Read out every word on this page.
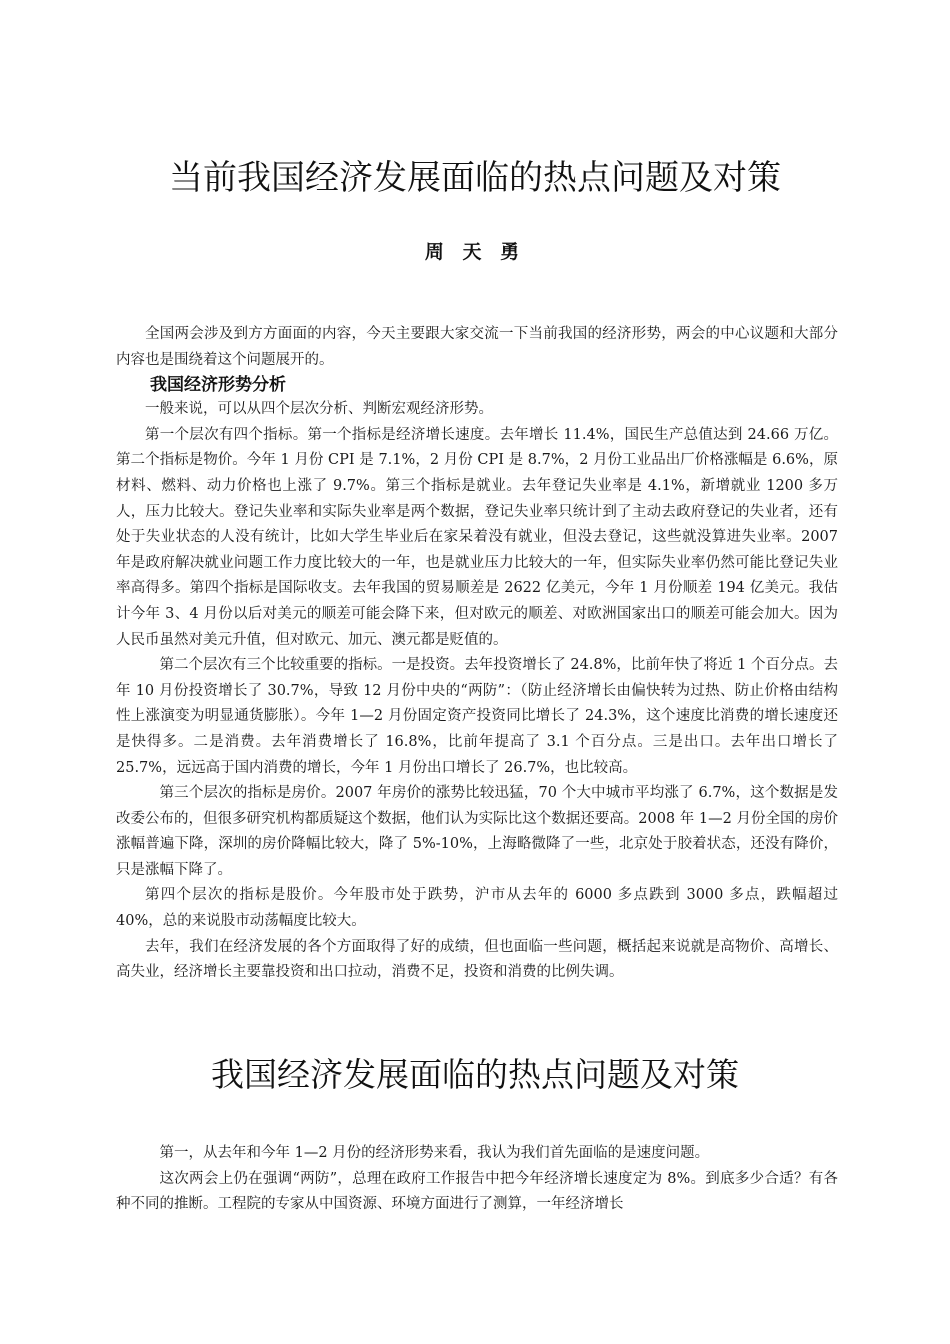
当前我国经济发展面临的热点问题及对策
周 天 勇

全国两会涉及到方方面面的内容，今天主要跟大家交流一下当前我国的经济形势，两会的中心议题和大部分内容也是围绕着这个问题展开的。

我国经济形势分析

一般来说，可以从四个层次分析、判断宏观经济形势。

第一个层次有四个指标。第一个指标是经济增长速度。去年增长 11.4%，国民生产总值达到 24.66 万亿。第二个指标是物价。今年 1 月份 CPI 是 7.1%，2 月份 CPI 是 8.7%，2 月份工业品出厂价格涨幅是 6.6%，原材料、燃料、动力价格也上涨了 9.7%。第三个指标是就业。去年登记失业率是 4.1%，新增就业 1200 多万人，压力比较大。登记失业率和实际失业率是两个数据，登记失业率只统计到了主动去政府登记的失业者，还有处于失业状态的人没有统计，比如大学生毕业后在家呆着没有就业，但没去登记，这些就没算进失业率。2007 年是政府解决就业问题工作力度比较大的一年，也是就业压力比较大的一年，但实际失业率仍然可能比登记失业率高得多。第四个指标是国际收支。去年我国的贸易顺差是 2622 亿美元，今年 1 月份顺差 194 亿美元。我估计今年 3、4 月份以后对美元的顺差可能会降下来，但对欧元的顺差、对欧洲国家出口的顺差可能会加大。因为人民币虽然对美元升值，但对欧元、加元、澳元都是贬值的。

第二个层次有三个比较重要的指标。一是投资。去年投资增长了 24.8%，比前年快了将近 1 个百分点。去年 10 月份投资增长了 30.7%，导致 12 月份中央的“两防”：（防止经济增长由偏快转为过热、防止价格由结构性上涨演变为明显通货膨胀）。今年 1—2 月份固定资产投资同比增长了 24.3%，这个速度比消费的增长速度还是快得多。二是消费。去年消费增长了 16.8%，比前年提高了 3.1 个百分点。三是出口。去年出口增长了 25.7%，远远高于国内消费的增长，今年 1 月份出口增长了 26.7%，也比较高。

第三个层次的指标是房价。2007 年房价的涨势比较迅猛，70 个大中城市平均涨了 6.7%，这个数据是发改委公布的，但很多研究机构都质疑这个数据，他们认为实际比这个数据还要高。2008 年 1—2 月份全国的房价涨幅普遍下降，深圳的房价降幅比较大，降了 5%-10%，上海略微降了一些，北京处于胶着状态，还没有降价，只是涨幅下降了。

第四个层次的指标是股价。今年股市处于跌势，沪市从去年的 6000 多点跌到 3000 多点，跌幅超过 40%，总的来说股市动荡幅度比较大。

去年，我们在经济发展的各个方面取得了好的成绩，但也面临一些问题，概括起来说就是高物价、高增长、高失业，经济增长主要靠投资和出口拉动，消费不足，投资和消费的比例失调。

我国经济发展面临的热点问题及对策

第一，从去年和今年 1—2 月份的经济形势来看，我认为我们首先面临的是速度问题。

这次两会上仍在强调“两防”，总理在政府工作报告中把今年经济增长速度定为 8%。到底多少合适？有各种不同的推断。工程院的专家从中国资源、环境方面进行了测算，一年经济增长
